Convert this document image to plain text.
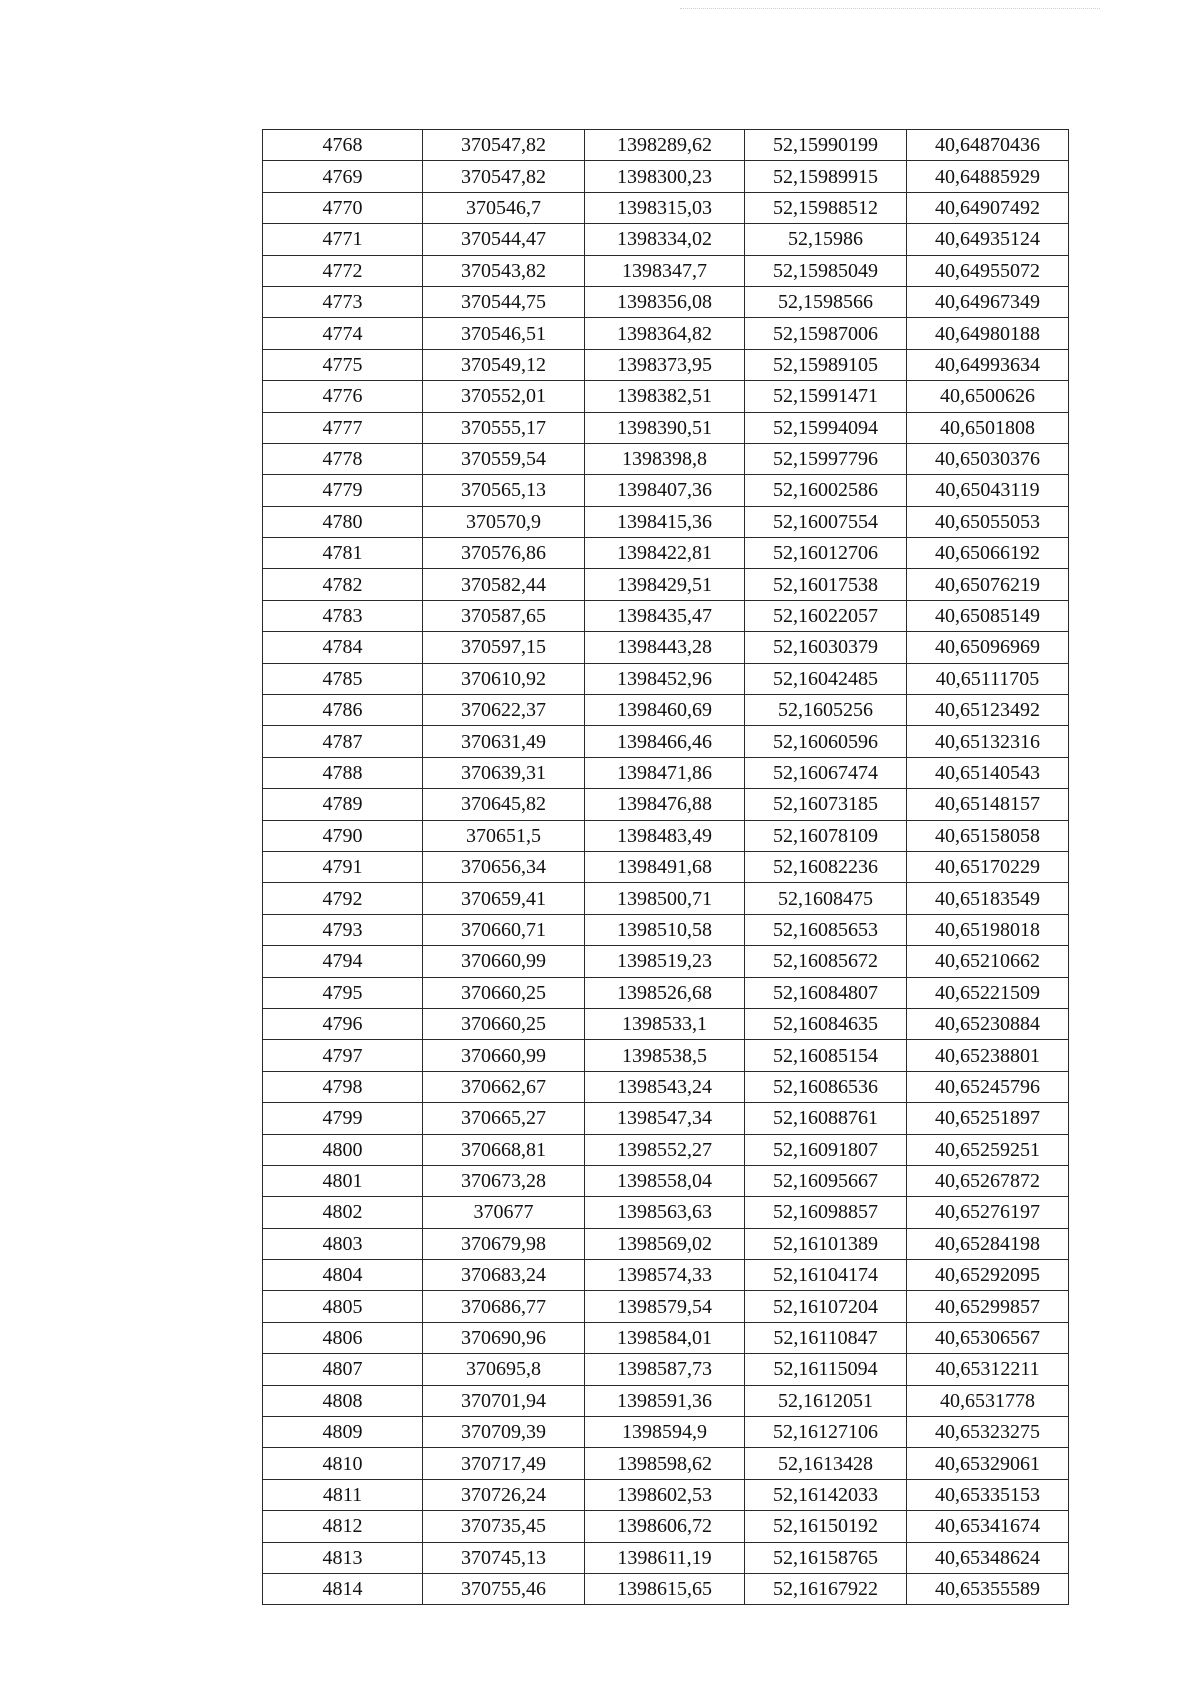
4768	370547,82	1398289,62	52,15990199	40,64870436
4769	370547,82	1398300,23	52,15989915	40,64885929
4770	370546,7	1398315,03	52,15988512	40,64907492
4771	370544,47	1398334,02	52,15986	40,64935124
4772	370543,82	1398347,7	52,15985049	40,64955072
4773	370544,75	1398356,08	52,1598566	40,64967349
4774	370546,51	1398364,82	52,15987006	40,64980188
4775	370549,12	1398373,95	52,15989105	40,64993634
4776	370552,01	1398382,51	52,15991471	40,6500626
4777	370555,17	1398390,51	52,15994094	40,6501808
4778	370559,54	1398398,8	52,15997796	40,65030376
4779	370565,13	1398407,36	52,16002586	40,65043119
4780	370570,9	1398415,36	52,16007554	40,65055053
4781	370576,86	1398422,81	52,16012706	40,65066192
4782	370582,44	1398429,51	52,16017538	40,65076219
4783	370587,65	1398435,47	52,16022057	40,65085149
4784	370597,15	1398443,28	52,16030379	40,65096969
4785	370610,92	1398452,96	52,16042485	40,65111705
4786	370622,37	1398460,69	52,1605256	40,65123492
4787	370631,49	1398466,46	52,16060596	40,65132316
4788	370639,31	1398471,86	52,16067474	40,65140543
4789	370645,82	1398476,88	52,16073185	40,65148157
4790	370651,5	1398483,49	52,16078109	40,65158058
4791	370656,34	1398491,68	52,16082236	40,65170229
4792	370659,41	1398500,71	52,1608475	40,65183549
4793	370660,71	1398510,58	52,16085653	40,65198018
4794	370660,99	1398519,23	52,16085672	40,65210662
4795	370660,25	1398526,68	52,16084807	40,65221509
4796	370660,25	1398533,1	52,16084635	40,65230884
4797	370660,99	1398538,5	52,16085154	40,65238801
4798	370662,67	1398543,24	52,16086536	40,65245796
4799	370665,27	1398547,34	52,16088761	40,65251897
4800	370668,81	1398552,27	52,16091807	40,65259251
4801	370673,28	1398558,04	52,16095667	40,65267872
4802	370677	1398563,63	52,16098857	40,65276197
4803	370679,98	1398569,02	52,16101389	40,65284198
4804	370683,24	1398574,33	52,16104174	40,65292095
4805	370686,77	1398579,54	52,16107204	40,65299857
4806	370690,96	1398584,01	52,16110847	40,65306567
4807	370695,8	1398587,73	52,16115094	40,65312211
4808	370701,94	1398591,36	52,1612051	40,6531778
4809	370709,39	1398594,9	52,16127106	40,65323275
4810	370717,49	1398598,62	52,1613428	40,65329061
4811	370726,24	1398602,53	52,16142033	40,65335153
4812	370735,45	1398606,72	52,16150192	40,65341674
4813	370745,13	1398611,19	52,16158765	40,65348624
4814	370755,46	1398615,65	52,16167922	40,65355589
